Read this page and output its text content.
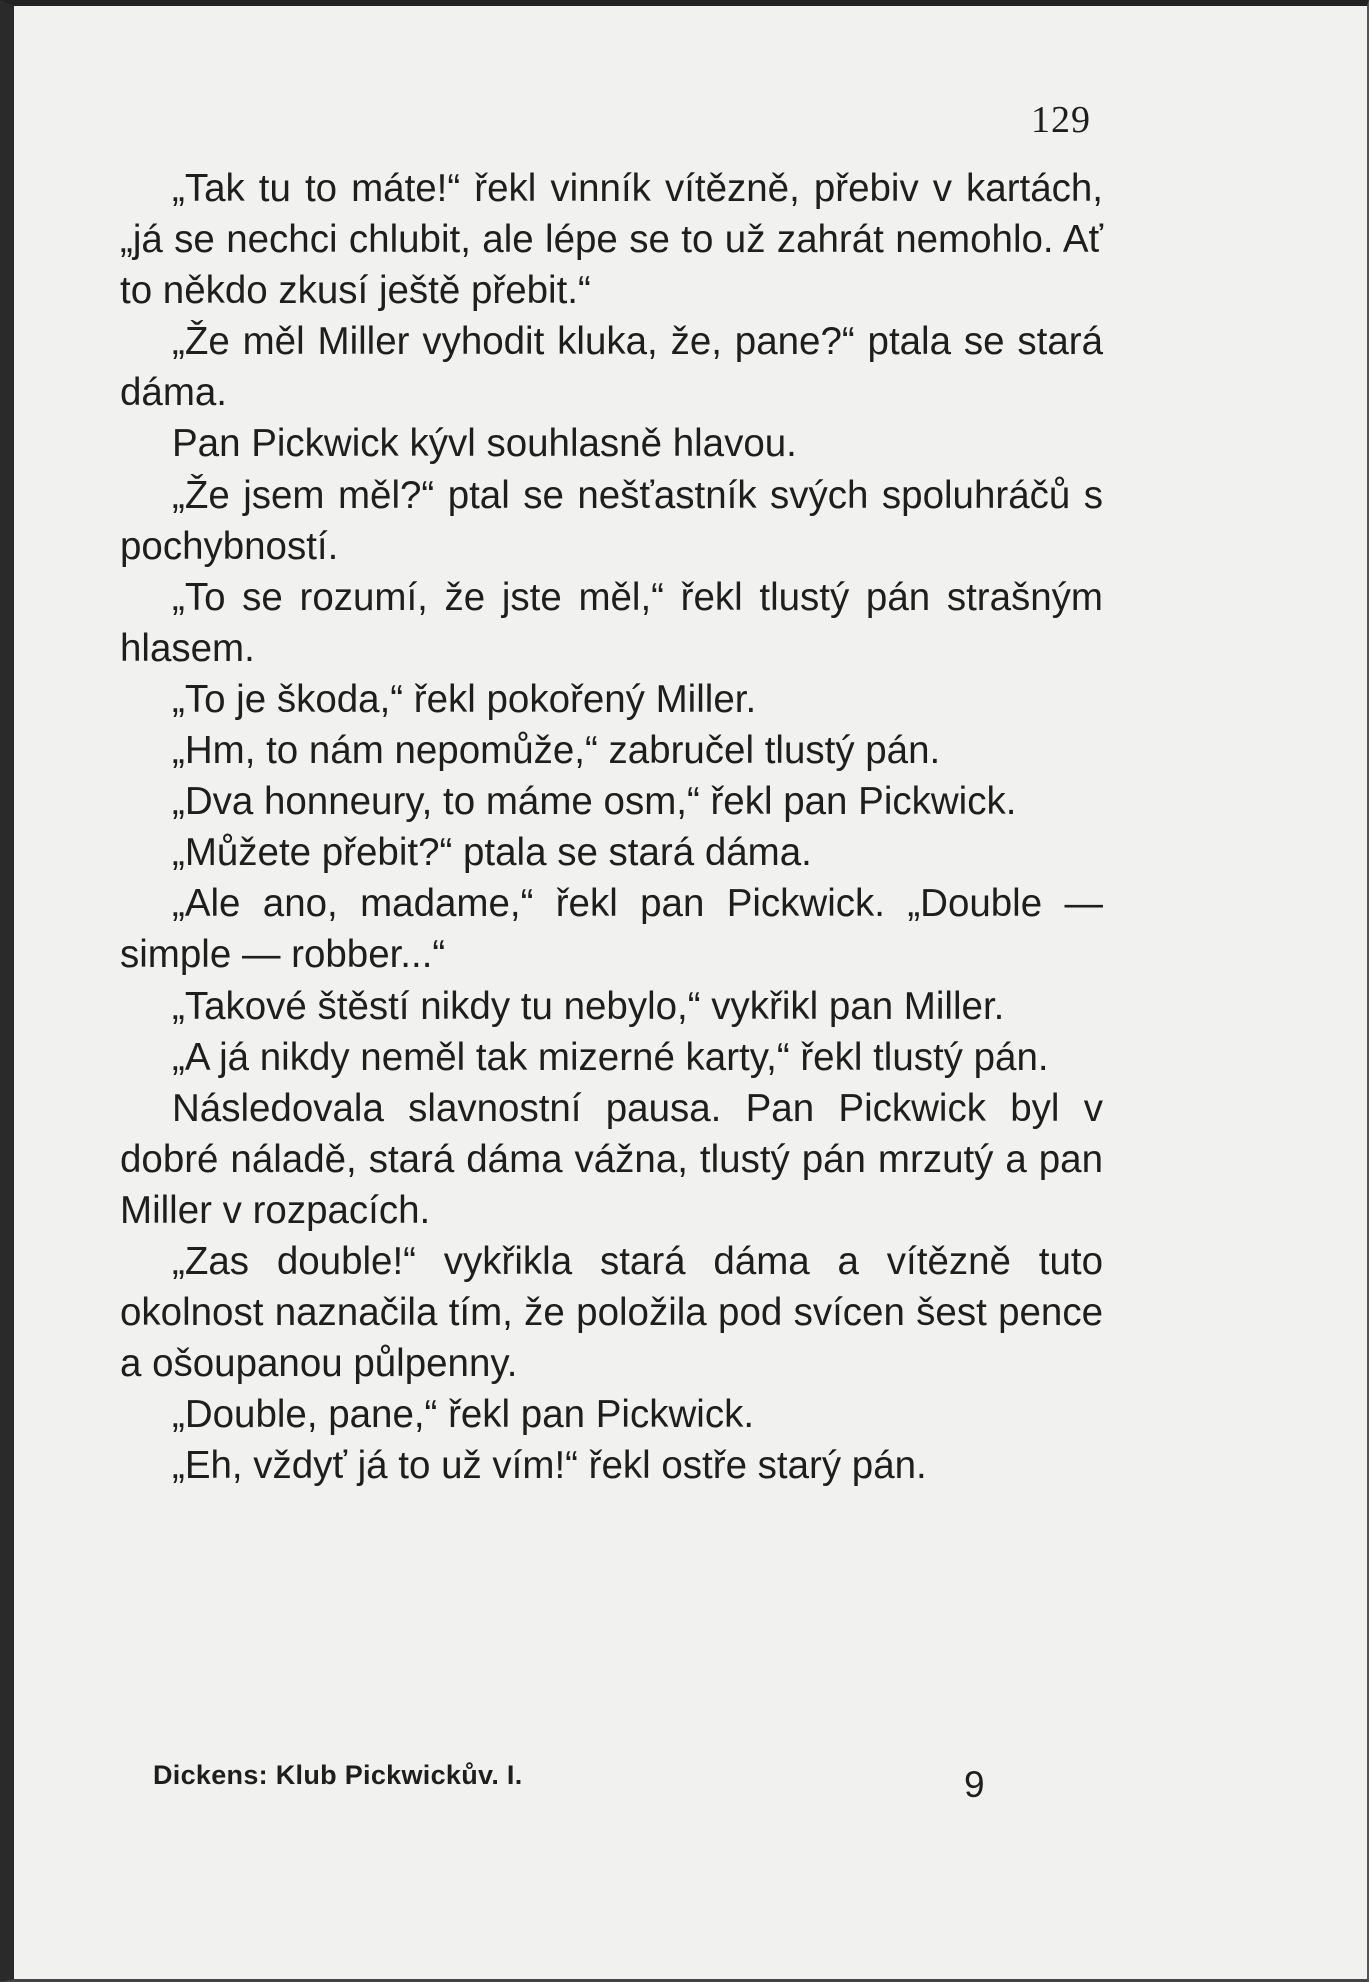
129

„Tak tu to máte!“ řekl vinník vítězně, přebiv v kartách, „já se nechci chlubit, ale lépe se to už zahrát nemohlo. Ať to někdo zkusí ještě přebit.“

„Že měl Miller vyhodit kluka, že, pane?“ ptala se stará dáma.

Pan Pickwick kývl souhlasně hlavou.

„Že jsem měl?“ ptal se nešťastník svých spoluhráčů s pochybností.

„To se rozumí, že jste měl,“ řekl tlustý pán strašným hlasem.

„To je škoda,“ řekl pokořený Miller.

„Hm, to nám nepomůže,“ zabručel tlustý pán.

„Dva honneury, to máme osm,“ řekl pan Pickwick.

„Můžete přebit?“ ptala se stará dáma.

„Ale ano, madame,“ řekl pan Pickwick. „Double — simple — robber...“

„Takové štěstí nikdy tu nebylo,“ vykřikl pan Miller.

„A já nikdy neměl tak mizerné karty,“ řekl tlustý pán.

Následovala slavnostní pausa. Pan Pickwick byl v dobré náladě, stará dáma vážna, tlustý pán mrzutý a pan Miller v rozpacích.

„Zas double!“ vykřikla stará dáma a vítězně tuto okolnost naznačila tím, že položila pod svícen šest pence a ošoupanou půlpenny.

„Double, pane,“ řekl pan Pickwick.

„Eh, vždyť já to už vím!“ řekl ostře starý pán.

Dickens: Klub Pickwickův. I.	9
